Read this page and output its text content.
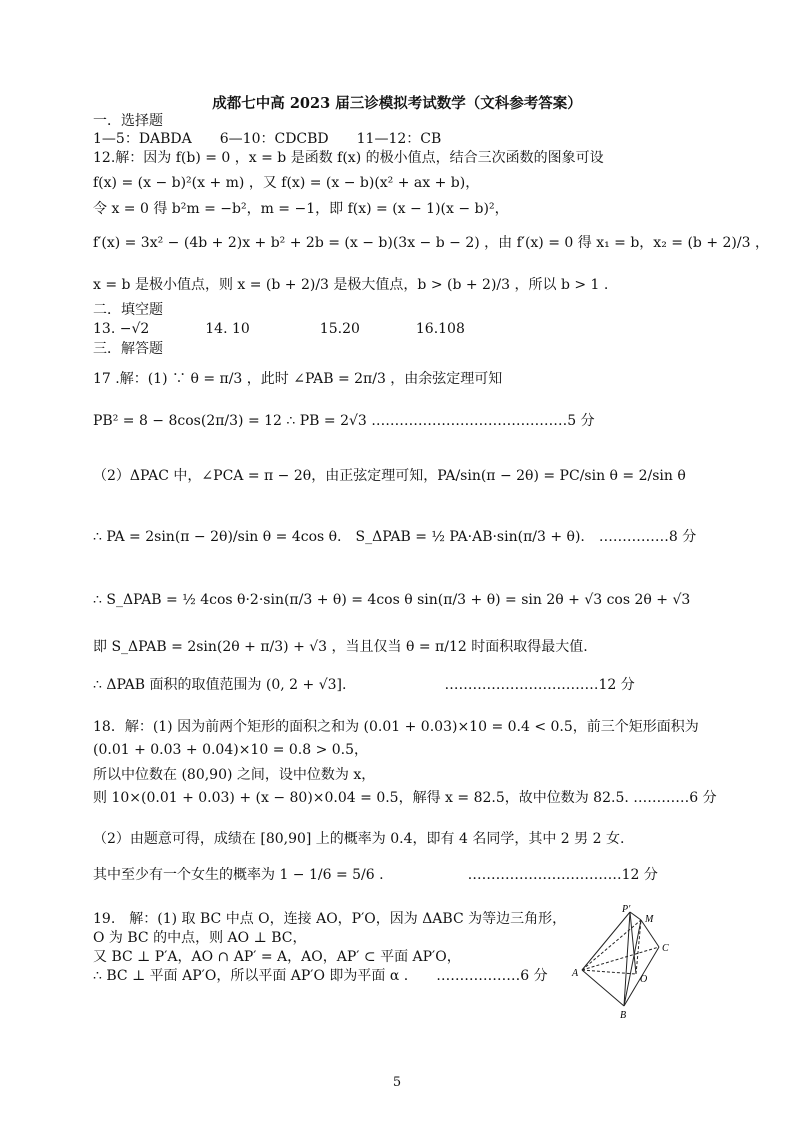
成都七中高 2023 届三诊模拟考试数学（文科参考答案）
一．选择题
1—5：DABDA　　6—10：CDCBD　　11—12：CB
12.解：因为 f(b) = 0 ，x = b 是函数 f(x) 的极小值点，结合三次函数的图象可设
f(x) = (x − b)²(x + m) ，又 f(x) = (x − b)(x² + ax + b)，
令 x = 0 得 b²m = −b²，m = −1，即 f(x) = (x − 1)(x − b)²，
f′(x) = 3x² − (4b + 2)x + b² + 2b = (x − b)(3x − b − 2) ，由 f′(x) = 0 得 x₁ = b，x₂ = (b + 2)/3 ，
x = b 是极小值点，则 x = (b + 2)/3 是极大值点，b > (b + 2)/3 ，所以 b > 1 .
二．填空题
13. −√2　　　　14. 10　　　　　15.20　　　　16.108
三．解答题
17 .解：(1) ∵ θ = π/3 ，此时 ∠PAB = 2π/3 ，由余弦定理可知
PB² = 8 − 8cos(2π/3) = 12 ∴ PB = 2√3 ……………………………………5 分
（2）ΔPAC 中，∠PCA = π − 2θ，由正弦定理可知，PA/sin(π − 2θ) = PC/sin θ = 2/sin θ
∴ PA = 2sin(π − 2θ)/sin θ = 4cos θ.　S_ΔPAB = ½ PA·AB·sin(π/3 + θ).　……………8 分
∴ S_ΔPAB = ½ 4cos θ·2·sin(π/3 + θ) = 4cos θ sin(π/3 + θ) = sin 2θ + √3 cos 2θ + √3
即 S_ΔPAB = 2sin(2θ + π/3) + √3 ，当且仅当 θ = π/12 时面积取得最大值.
∴ ΔPAB 面积的取值范围为 (0, 2 + √3].　　　　　　　……………………………12 分
18．解：(1) 因为前两个矩形的面积之和为 (0.01 + 0.03)×10 = 0.4 < 0.5，前三个矩形面积为
(0.01 + 0.03 + 0.04)×10 = 0.8 > 0.5，
所以中位数在 (80,90) 之间，设中位数为 x，
则 10×(0.01 + 0.03) + (x − 80)×0.04 = 0.5，解得 x = 82.5，故中位数为 82.5. …………6 分
（2）由题意可得，成绩在 [80,90] 上的概率为 0.4，即有 4 名同学，其中 2 男 2 女.
其中至少有一个女生的概率为 1 − 1/6 = 5/6 .　　　　　　……………………………12 分
19.　解：(1) 取 BC 中点 O，连接 AO，P′O，因为 ΔABC 为等边三角形，
O 为 BC 的中点，则 AO ⊥ BC，
又 BC ⊥ P′A，AO ∩ AP′ = A，AO，AP′ ⊂ 平面 AP′O，
∴ BC ⊥ 平面 AP′O，所以平面 AP′O 即为平面 α .　　………………6 分
P′
M
C
A
O
B
5
